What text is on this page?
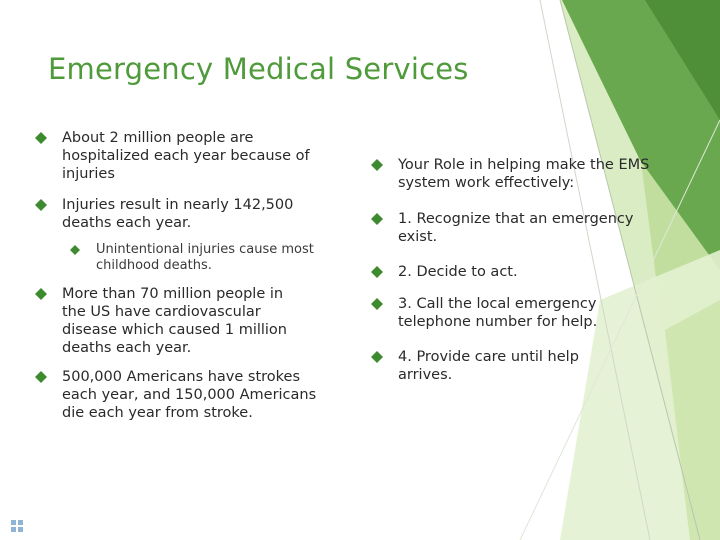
Emergency Medical Services
About 2 million people are hospitalized each year because of injuries
Injuries result in nearly 142,500 deaths each year.
Unintentional injuries cause most childhood deaths.
More than 70 million people in the US have cardiovascular disease which caused 1 million deaths each year.
500,000 Americans have strokes each year, and 150,000 Americans die each year from stroke.
Your Role in helping make the EMS system work effectively:
1. Recognize that an emergency exist.
2. Decide to act.
3. Call the local emergency telephone number for help.
4. Provide care until help arrives.
